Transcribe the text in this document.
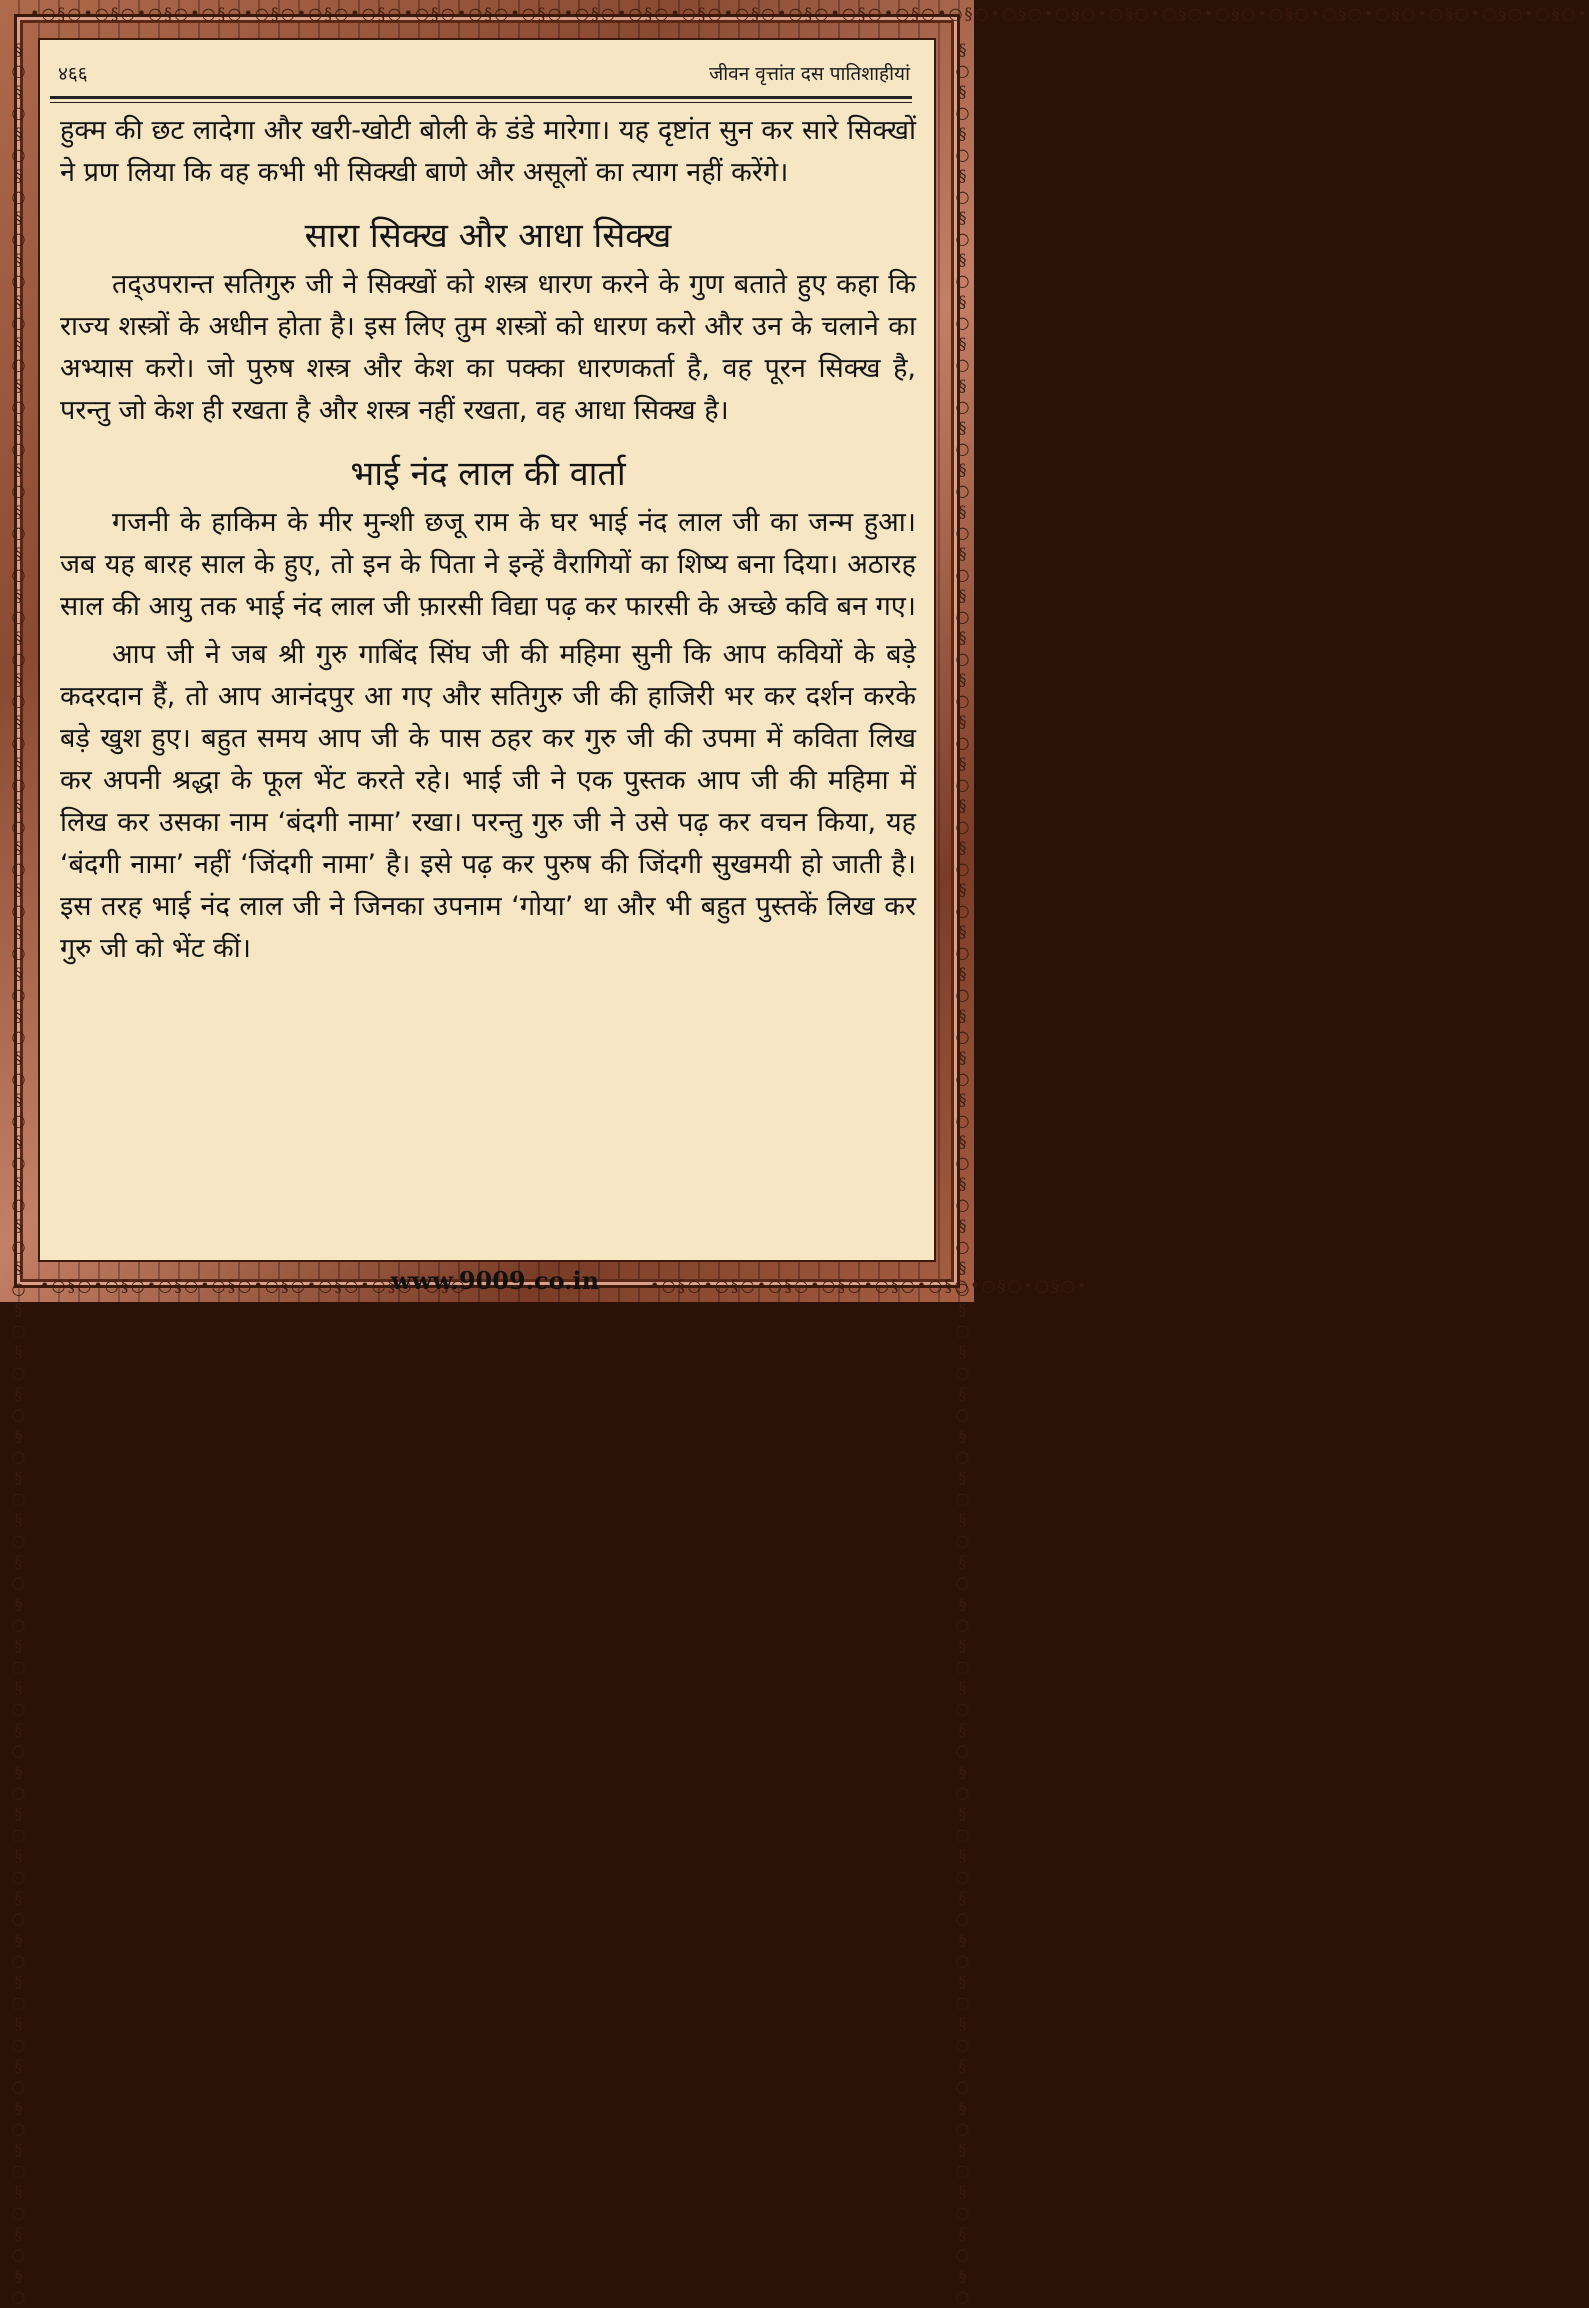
•○§○•○§○•○§○•○§○•○§○•○§○•○§○•○§○•○§○•○§○•○§○•○§○•○§○•○§○•○§○•○§○•○§○•○§○•○§○•○§○•○§○•○§○•○§○•○§○•○§○•○§○•○§○•○§○•○§○•
§○§○§○§○§○§○§○§○§○§○§○§○§○§○§○§○§○§○§○§○§○§○§○§○§○§○§○§○§○§○§○§○§○§○§○§○§○§○§○§○§○§○§○§○§○§○§○§○§○§○§○§○§○§○	§○§○§○§○§○§○§○§○§○§○§○§○§○§○§○§○§○§○§○§○§○§○§○§○§○§○§○§○§○§○§○§○§○§○§○§○§○§○§○§○§○§○§○§○§○§○§○§○§○§○§○§○§○§○
•○§○•○§○•○§○•○§○•○§○•○§○•○§○•○§○•	•○§○•○§○•○§○•○§○•○§○•○§○•○§○•○§○•
४६६	जीवन वृत्तांत दस पातिशाहीयां

हुक्म की छट लादेगा और खरी-खोटी बोली के डंडे मारेगा। यह दृष्टांत सुन कर सारे सिक्खों ने प्रण लिया कि वह कभी भी सिक्खी बाणे और असूलों का त्याग नहीं करेंगे।

सारा सिक्ख और आधा सिक्ख

तद्उपरान्त सतिगुरु जी ने सिक्खों को शस्त्र धारण करने के गुण बताते हुए कहा कि राज्य शस्त्रों के अधीन होता है। इस लिए तुम शस्त्रों को धारण करो और उन के चलाने का अभ्यास करो। जो पुरुष शस्त्र और केश का पक्का धारणकर्ता है, वह पूरन सिक्ख है, परन्तु जो केश ही रखता है और शस्त्र नहीं रखता, वह आधा सिक्ख है।

भाई नंद लाल की वार्ता

गजनी के हाकिम के मीर मुन्शी छजू राम के घर भाई नंद लाल जी का जन्म हुआ। जब यह बारह साल के हुए, तो इन के पिता ने इन्हें वैरागियों का शिष्य बना दिया। अठारह साल की आयु तक भाई नंद लाल जी फ़ारसी विद्या पढ़ कर फारसी के अच्छे कवि बन गए।

आप जी ने जब श्री गुरु गाबिंद सिंघ जी की महिमा सुनी कि आप कवियों के बड़े कदरदान हैं, तो आप आनंदपुर आ गए और सतिगुरु जी की हाजिरी भर कर दर्शन करके बड़े खुश हुए। बहुत समय आप जी के पास ठहर कर गुरु जी की उपमा में कविता लिख कर अपनी श्रद्धा के फूल भेंट करते रहे। भाई जी ने एक पुस्तक आप जी की महिमा में लिख कर उसका नाम ‘बंदगी नामा’ रखा। परन्तु गुरु जी ने उसे पढ़ कर वचन किया, यह ‘बंदगी नामा’ नहीं ‘जिंदगी नामा’ है। इसे पढ़ कर पुरुष की जिंदगी सुखमयी हो जाती है। इस तरह भाई नंद लाल जी ने जिनका उपनाम ‘गोया’ था और भी बहुत पुस्तकें लिख कर गुरु जी को भेंट कीं।

www.9009.co.in
